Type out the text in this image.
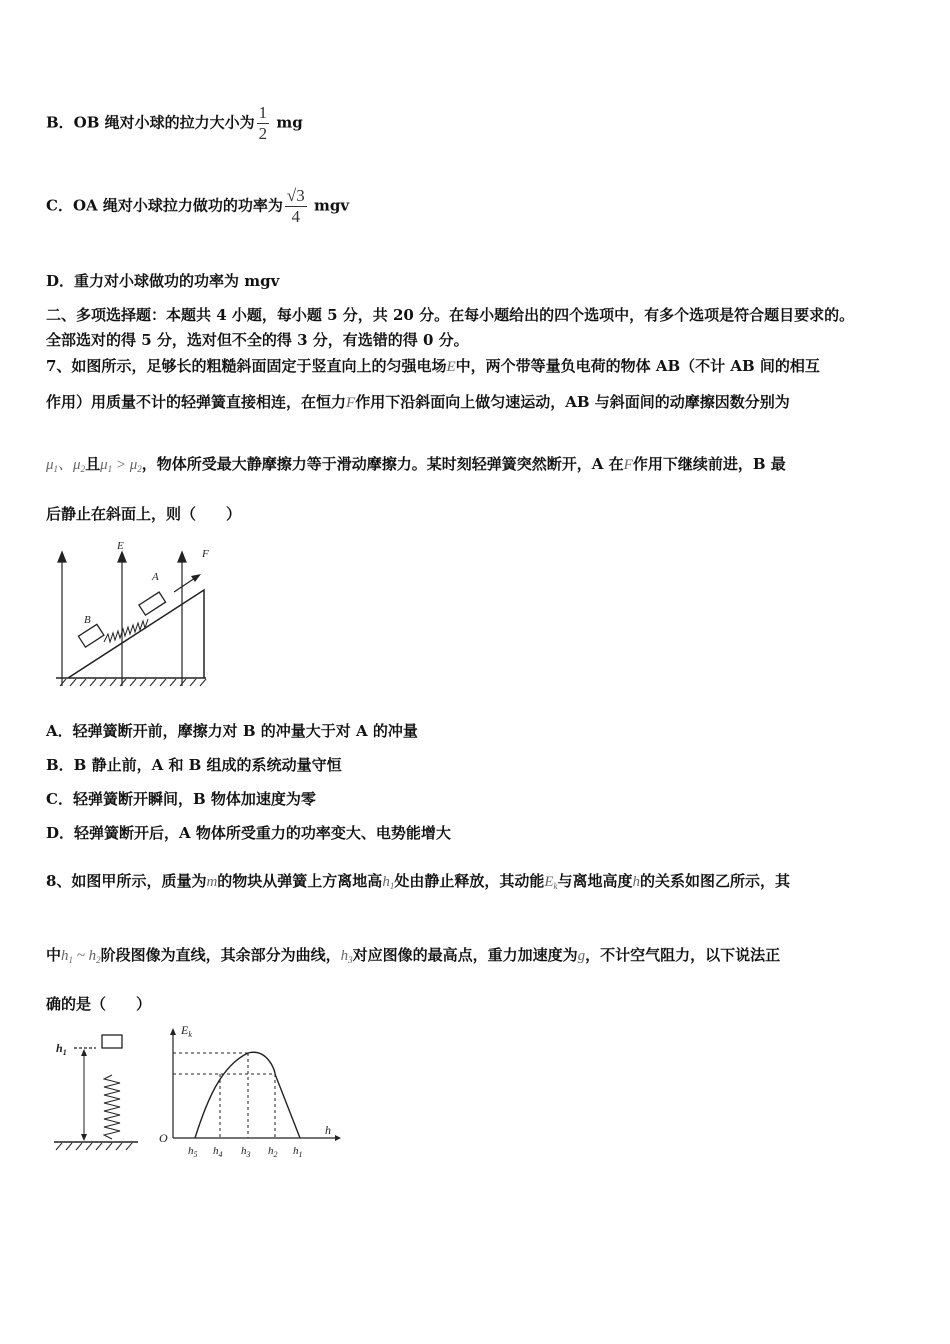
B．OB 绳对小球的拉力大小为 $\frac{1}{2}$ mg
C．OA 绳对小球拉力做功的功率为 $\frac{√3}{4}$ mgv
D．重力对小球做功的功率为 mgv
二、多项选择题：本题共 4 小题，每小题 5 分，共 20 分。在每小题给出的四个选项中，有多个选项是符合题目要求的。
全部选对的得 5 分，选对但不全的得 3 分，有选错的得 0 分。
7、如图所示，足够长的粗糙斜面固定于竖直向上的匀强电场E中，两个带等量负电荷的物体 AB（不计 AB 间的相互
作用）用质量不计的轻弹簧直接相连，在恒力F作用下沿斜面向上做匀速运动，AB 与斜面间的动摩擦因数分别为
$\mu_1$、$\mu_2$且$\mu_1 > \mu_2$，物体所受最大静摩擦力等于滑动摩擦力。某时刻轻弹簧突然断开，A 在F作用下继续前进，B 最
后静止在斜面上，则（　　）
E
F
A
B
A．轻弹簧断开前，摩擦力对 B 的冲量大于对 A 的冲量
B．B 静止前，A 和 B 组成的系统动量守恒
C．轻弹簧断开瞬间，B 物体加速度为零
D．轻弹簧断开后，A 物体所受重力的功率变大、电势能增大
8、如图甲所示，质量为m的物块从弹簧上方离地高$h_1$处由静止释放，其动能$E_k$与离地高度h的关系如图乙所示，其
中$h_1$ ~ $h_2$阶段图像为直线，其余部分为曲线，$h_3$对应图像的最高点，重力加速度为g，不计空气阻力，以下说法正
确的是（　　）
$h_1$
$E_k$
O
h
$h_5$ $h_4$ $h_3$ $h_2$ $h_1$
